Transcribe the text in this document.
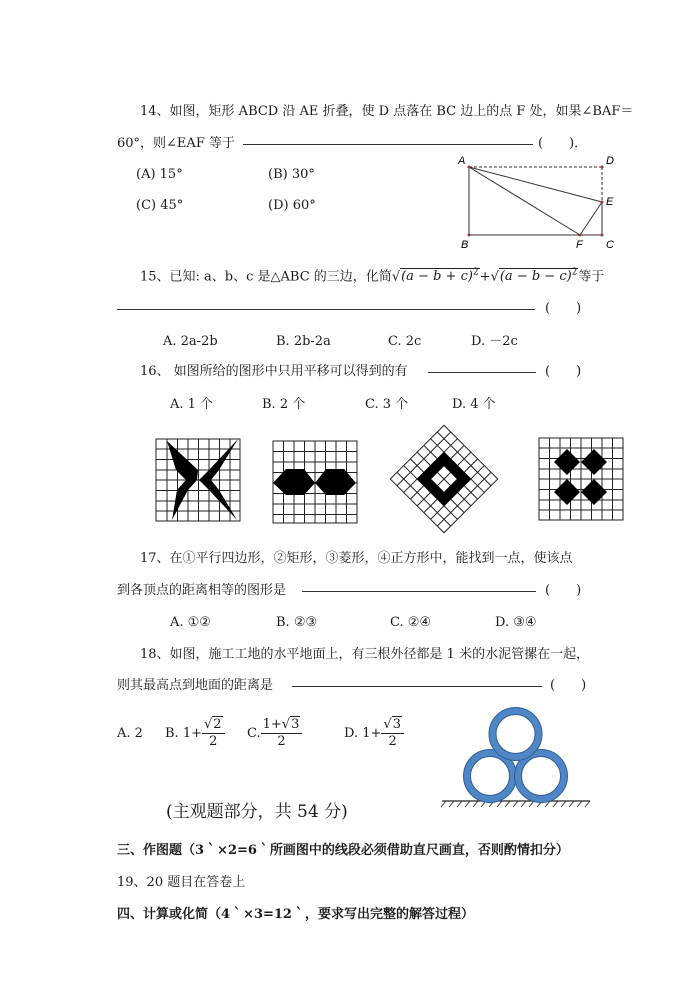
14、如图，矩形 ABCD 沿 AE 折叠，使 D 点落在 BC 边上的点 F 处，如果∠BAF＝
60°，则∠EAF 等于	(　　)．
(A) 15°	(B) 30°
(C) 45°	(D) 60°
A	D
E
B	F C
15、已知: a、b、c 是△ABC 的三边，化简$√(a - b + c)^2+√(a - b - c)^2$等于
(　　)
A. 2a-2b	B. 2b-2a	C. 2c	D. －2c
16、 如图所给的图形中只用平移可以得到的有	(　　)
A. 1 个	B. 2 个	C. 3 个	D. 4 个
17、在①平行四边形，②矩形，③菱形，④正方形中，能找到一点，使该点
到各顶点的距离相等的图形是	(　　)
A. ①②	B. ②③	C. ②④	D. ③④
18、如图，施工工地的水平地面上，有三根外径都是 1 米的水泥管摞在一起，
则其最高点到地面的距离是	(　　)
A. 2 B. $1+ \frac{√2}{2} C$. $\frac{1+√3}{2}$	D. $1+ \frac{√3}{2}$
(主观题部分，共 54 分)
三、作图题（3｀×2=6｀所画图中的线段必须借助直尺画直，否则酌情扣分）
19、20 题目在答卷上
四、计算或化简（4｀×3=12｀，要求写出完整的解答过程）
